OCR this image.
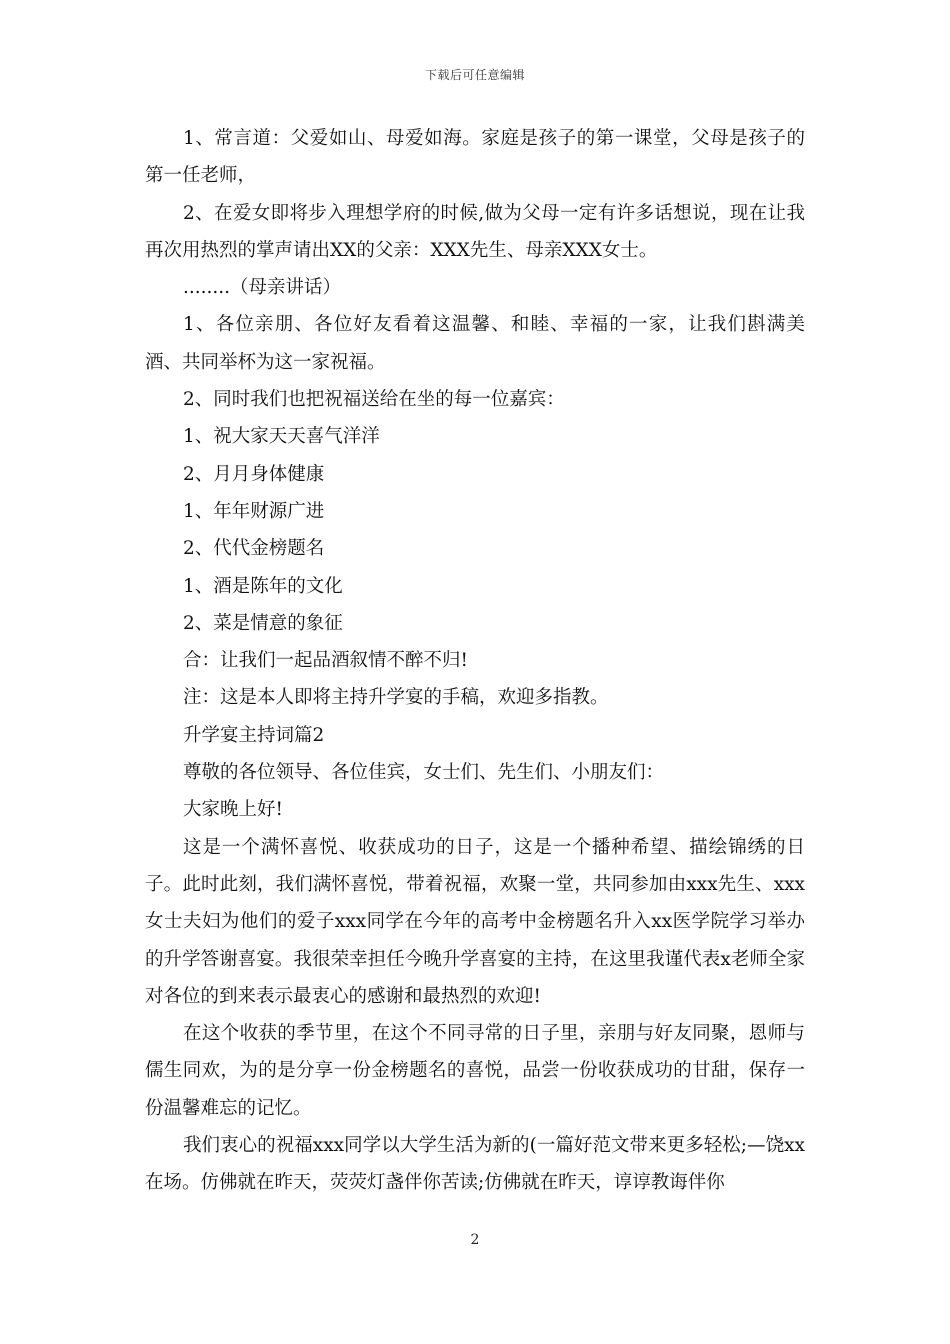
下载后可任意编辑

1、常言道：父爱如山、母爱如海。家庭是孩子的第一课堂，父母是孩子的第一任老师，

2、在爱女即将步入理想学府的时候,做为父母一定有许多话想说，现在让我再次用热烈的掌声请出XX的父亲：XXX先生、母亲XXX女士。

........（母亲讲话）

1、各位亲朋、各位好友看着这温馨、和睦、幸福的一家，让我们斟满美酒、共同举杯为这一家祝福。

2、同时我们也把祝福送给在坐的每一位嘉宾：

1、祝大家天天喜气洋洋

2、月月身体健康

1、年年财源广进

2、代代金榜题名

1、酒是陈年的文化

2、菜是情意的象征

合：让我们一起品酒叙情不醉不归!

注：这是本人即将主持升学宴的手稿，欢迎多指教。

升学宴主持词篇2

尊敬的各位领导、各位佳宾，女士们、先生们、小朋友们：

大家晚上好!

这是一个满怀喜悦、收获成功的日子，这是一个播种希望、描绘锦绣的日子。此时此刻，我们满怀喜悦，带着祝福，欢聚一堂，共同参加由xxx先生、xxx女士夫妇为他们的爱子xxx同学在今年的高考中金榜题名升入xx医学院学习举办的升学答谢喜宴。我很荣幸担任今晚升学喜宴的主持，在这里我谨代表x老师全家对各位的到来表示最衷心的感谢和最热烈的欢迎!

在这个收获的季节里，在这个不同寻常的日子里，亲朋与好友同聚，恩师与儒生同欢，为的是分享一份金榜题名的喜悦，品尝一份收获成功的甘甜，保存一份温馨难忘的记忆。

我们衷心的祝福xxx同学以大学生活为新的(一篇好范文带来更多轻松;—饶xx在场。仿佛就在昨天，荧荧灯盏伴你苦读;仿佛就在昨天，谆谆教诲伴你

2
